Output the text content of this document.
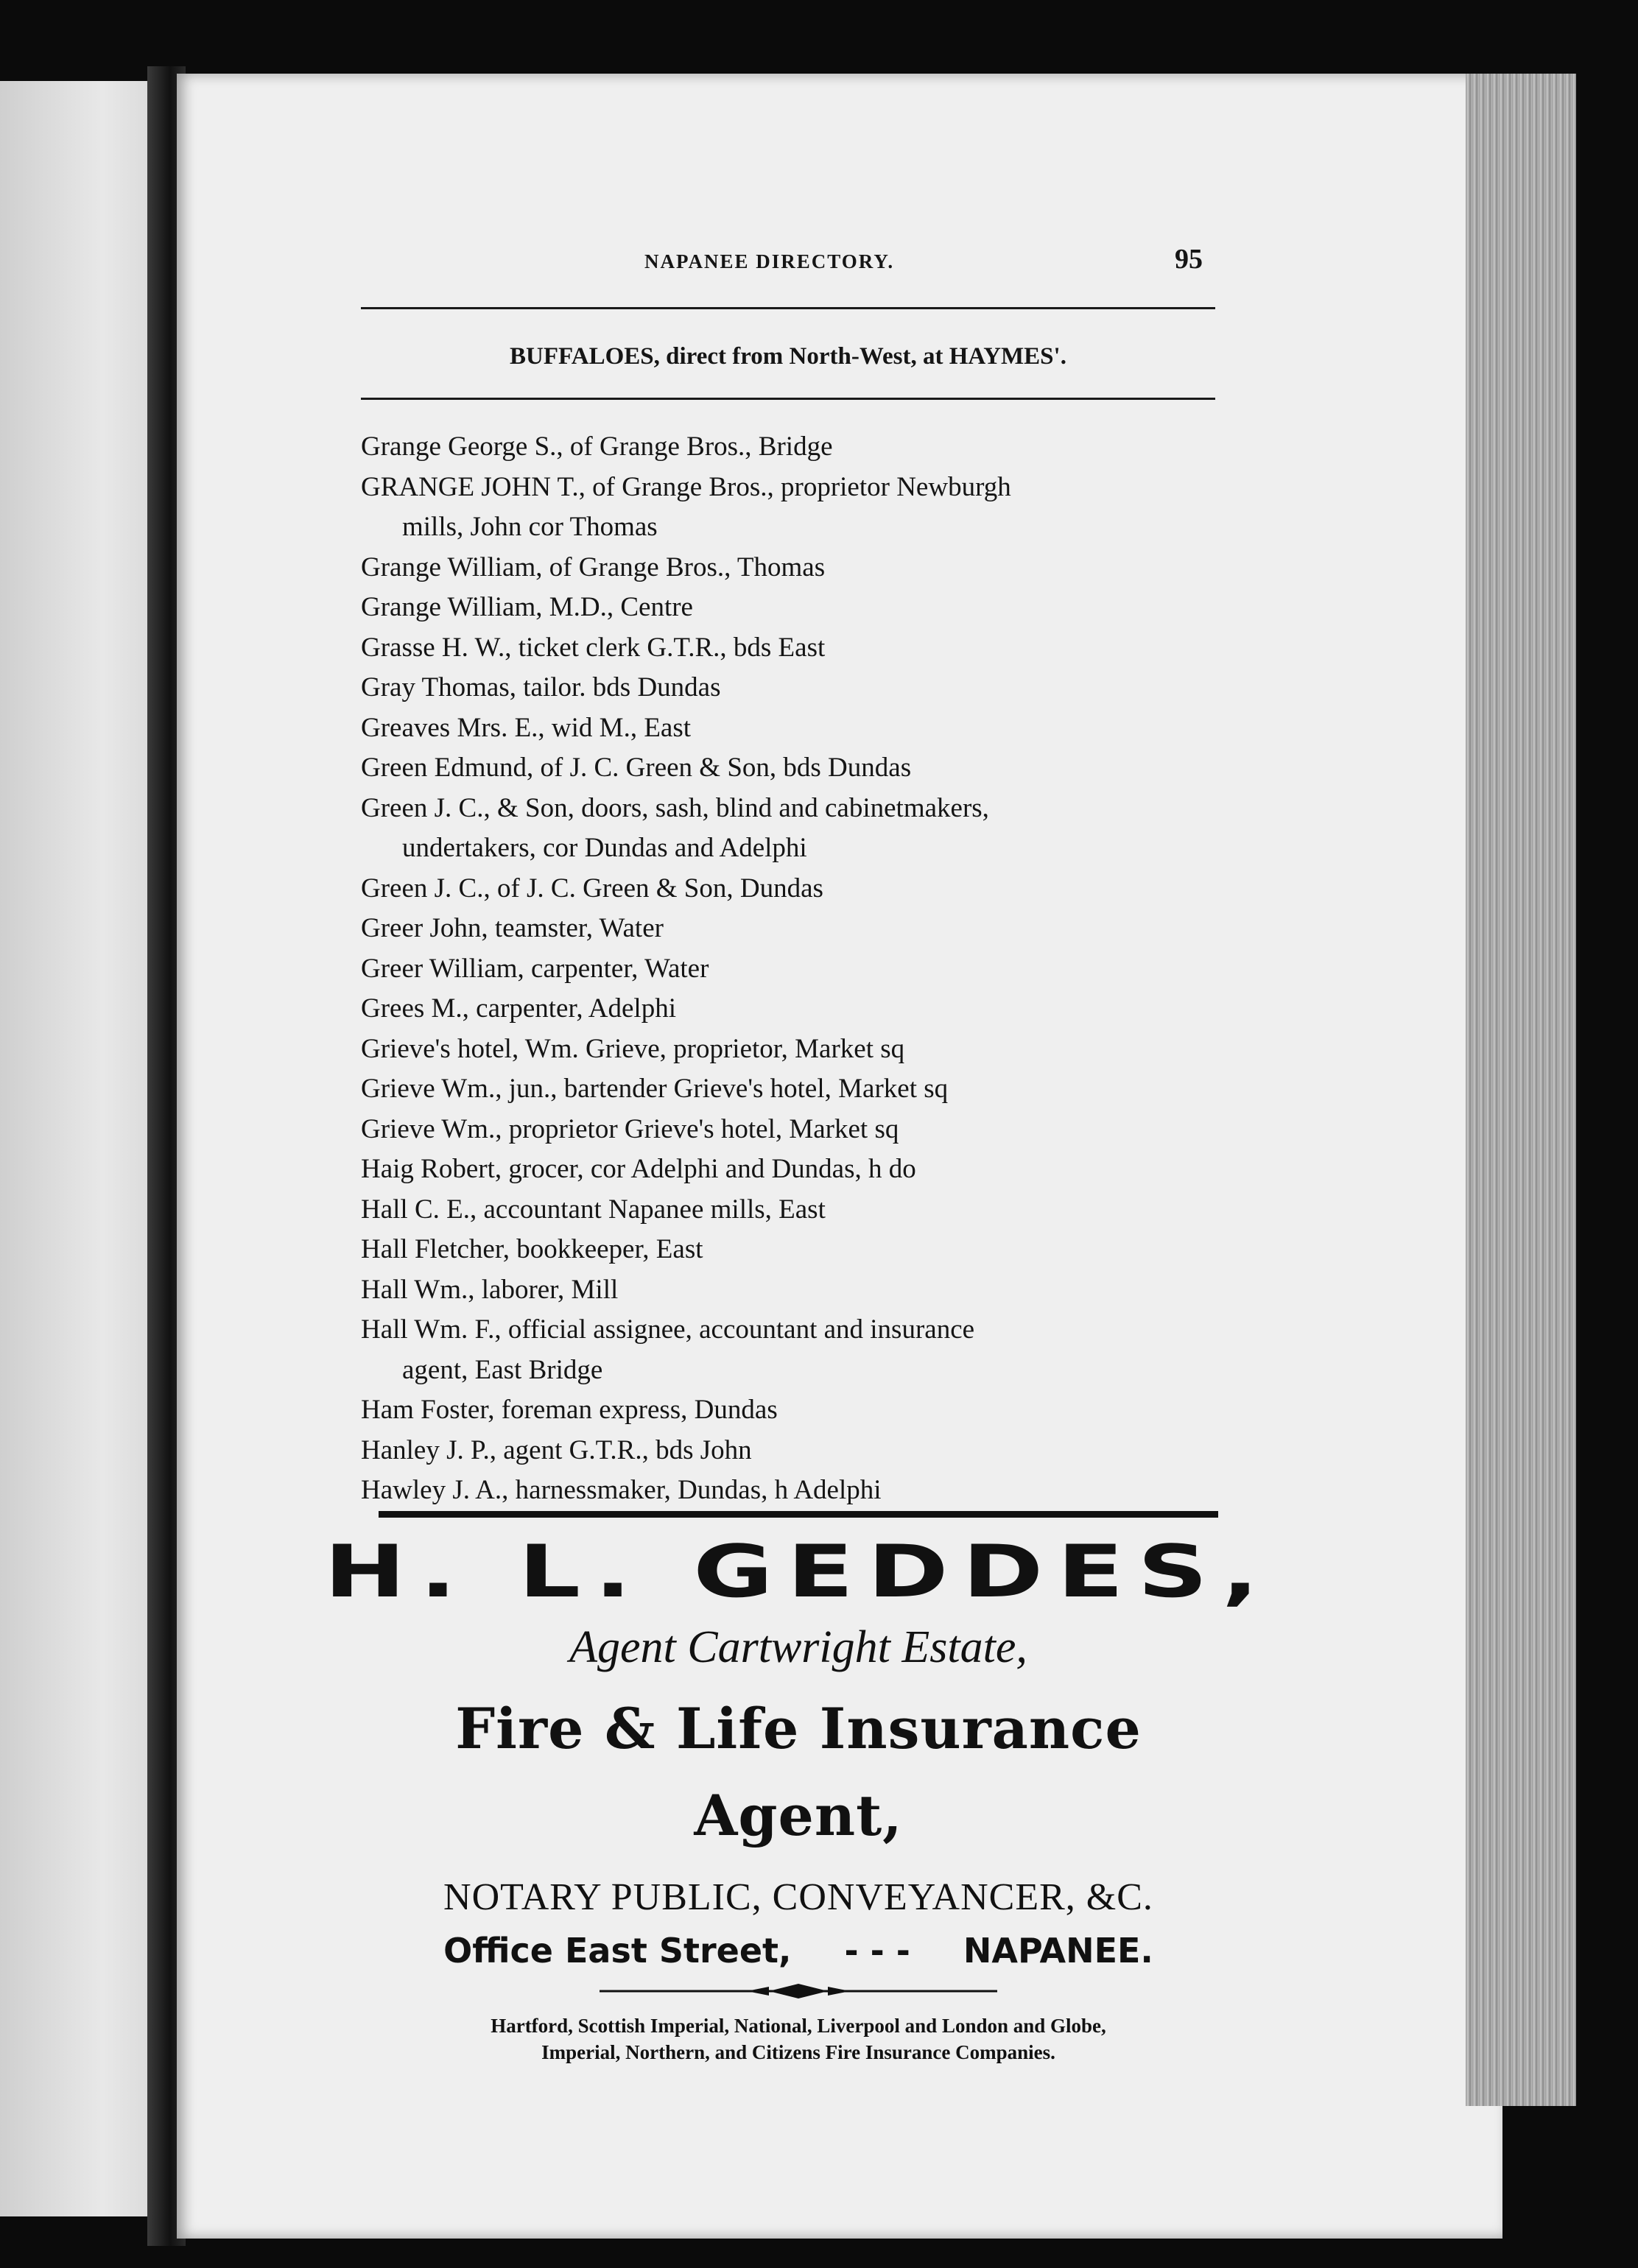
NAPANEE DIRECTORY.	95
BUFFALOES, direct from North-West, at HAYMES'.
Grange George S., of Grange Bros., Bridge
GRANGE JOHN T., of Grange Bros., proprietor Newburgh
mills, John cor Thomas
Grange William, of Grange Bros., Thomas
Grange William, M.D., Centre
Grasse H. W., ticket clerk G.T.R., bds East
Gray Thomas, tailor. bds Dundas
Greaves Mrs. E., wid M., East
Green Edmund, of J. C. Green & Son, bds Dundas
Green J. C., & Son, doors, sash, blind and cabinetmakers,
undertakers, cor Dundas and Adelphi
Green J. C., of J. C. Green & Son, Dundas
Greer John, teamster, Water
Greer William, carpenter, Water
Grees M., carpenter, Adelphi
Grieve's hotel, Wm. Grieve, proprietor, Market sq
Grieve Wm., jun., bartender Grieve's hotel, Market sq
Grieve Wm., proprietor Grieve's hotel, Market sq
Haig Robert, grocer, cor Adelphi and Dundas, h do
Hall C. E., accountant Napanee mills, East
Hall Fletcher, bookkeeper, East
Hall Wm., laborer, Mill
Hall Wm. F., official assignee, accountant and insurance
agent, East Bridge
Ham Foster, foreman express, Dundas
Hanley J. P., agent G.T.R., bds John
Hawley J. A., harnessmaker, Dundas, h Adelphi
H. L. GEDDES,
Agent Cartwright Estate,
Fire & Life Insurance Agent,
NOTARY PUBLIC, CONVEYANCER, &C.
Office East Street, - - - NAPANEE.
Hartford, Scottish Imperial, National, Liverpool and London and Globe,
Imperial, Northern, and Citizens Fire Insurance Companies.
